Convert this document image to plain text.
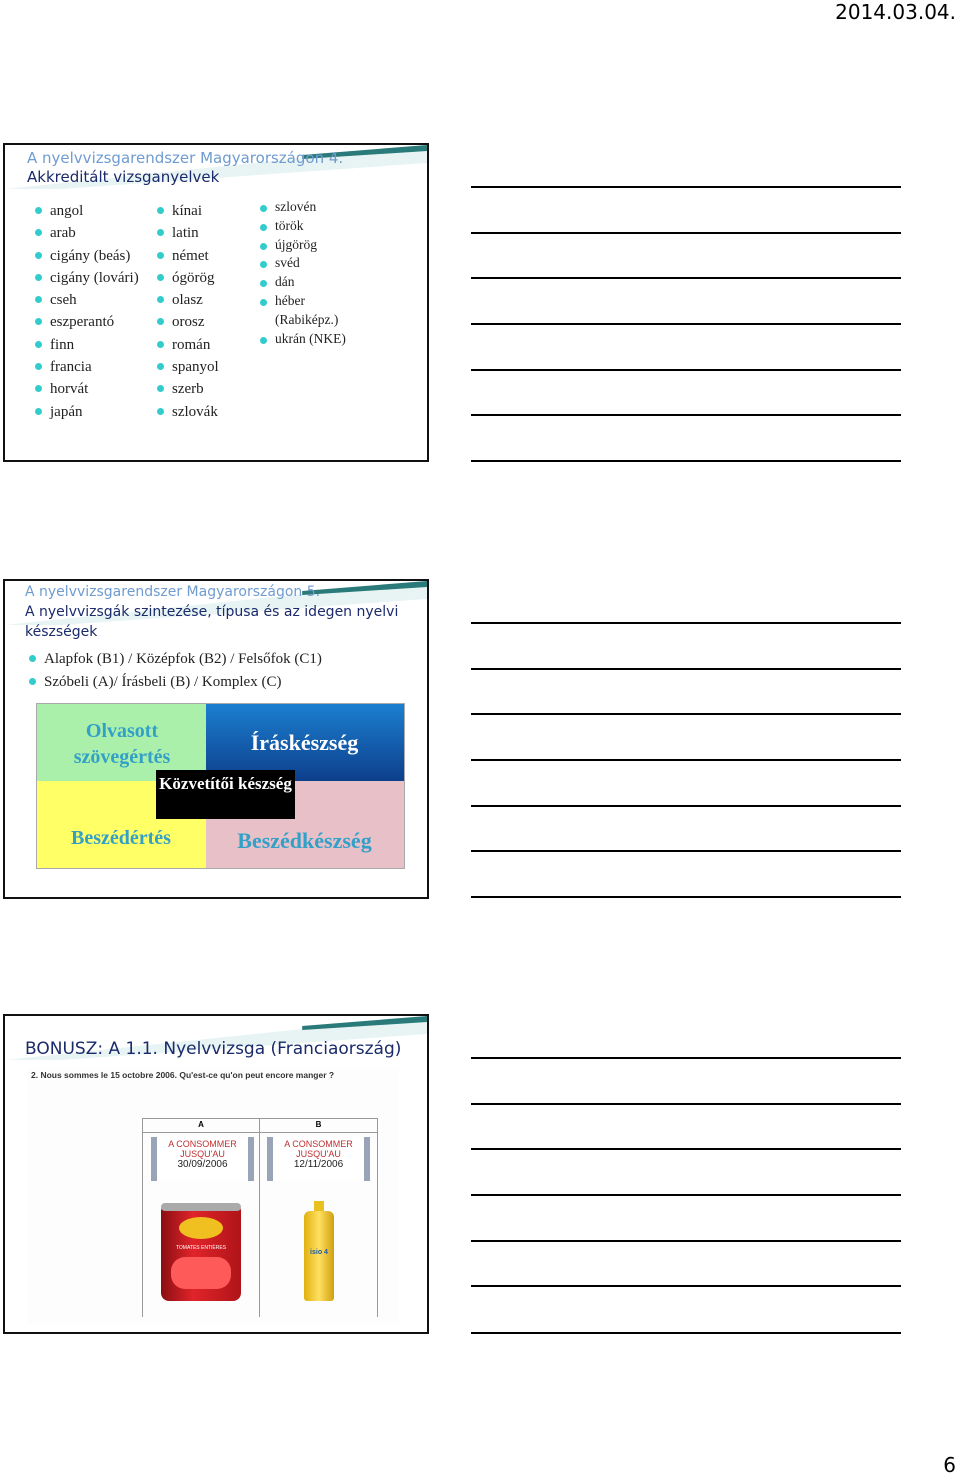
2014.03.04.
A nyelvvizsgarendszer Magyarországon 4.
Akkreditált vizsganyelvek
angol
arab
cigány (beás)
cigány (lovári)
cseh
eszperantó
finn
francia
horvát
japán
kínai
latin
német
ógörög
olasz
orosz
román
spanyol
szerb
szlovák
szlovén
török
újgörög
svéd
dán
héber (Rabiképz.)
ukrán (NKE)
A nyelvvizsgarendszer Magyarországon 5.
A nyelvvizsgák szintezése, típusa és az idegen nyelvi készségek
Alapfok (B1) / Középfok (B2) / Felsőfok (C1)
Szóbeli (A)/ Írásbeli (B) / Komplex (C)
Olvasott szövegértés
Íráskészség
Beszédértés	Beszédkészség
Közvetítői készség
BONUSZ: A 1.1. Nyelvvizsga (Franciaország)
2. Nous sommes le 15 octobre 2006. Qu'est-ce qu'on peut encore manger ?
A	B
A CONSOMMER
JUSQU'AU
30/09/2006
A CONSOMMER
JUSQU'AU
12/11/2006
TOMATES ENTIÈRES
isio 4
6
